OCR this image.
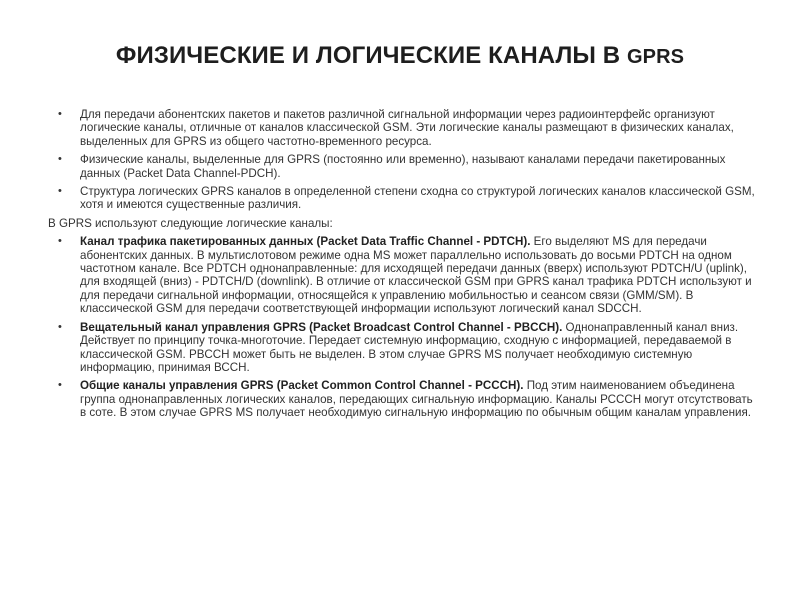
ФИЗИЧЕСКИЕ И ЛОГИЧЕСКИЕ КАНАЛЫ В GPRS
• Для передачи абонентских пакетов и пакетов различной сигнальной информации через радиоинтерфейс организуют логические каналы, отличные от каналов классической GSM. Эти логические каналы размещают в физических каналах, выделенных для GPRS из общего частотно-временного ресурса.
• Физические каналы, выделенные для GPRS (постоянно или временно), называют каналами передачи пакетированных данных (Packet Data Channel-PDCH).
• Структура логических GPRS каналов в определенной степени сходна со структурой логических каналов классической GSM, хотя и имеются существенные различия.
В GPRS используют следующие логические каналы:
• Канал трафика пакетированных данных (Packet Data Traffic Channel - PDTCH). Его выделяют MS для передачи абонентских данных. В мультислотовом режиме одна MS может параллельно использовать до восьми PDTCH на одном частотном канале. Все PDTCH однонаправленные: для исходящей передачи данных (вверх) используют PDTCH/U (uplink), для входящей (вниз) - PDTCH/D (downlink). В отличие от классической GSM при GPRS канал трафика PDTCH используют и для передачи сигнальной информации, относящейся к управлению мобильностью и сеансом связи (GMM/SM). В классической GSM для передачи соответствующей информации используют логический канал SDCCH.
• Вещательный канал управления GPRS (Packet Broadcast Control Channel - PBCCH). Однонаправленный канал вниз. Действует по принципу точка-многоточие. Передает системную информацию, сходную с информацией, передаваемой в классической GSM. PBCCH может быть не выделен. В этом случае GPRS MS получает необходимую системную информацию, принимая ВССН.
• Общие каналы управления GPRS (Packet Common Control Channel - PCCCH). Под этим наименованием объединена группа однонаправленных логических каналов, передающих сигнальную информацию. Каналы РСССН могут отсутствовать в соте. В этом случае GPRS MS получает необходимую сигнальную информацию по обычным общим каналам управления.
